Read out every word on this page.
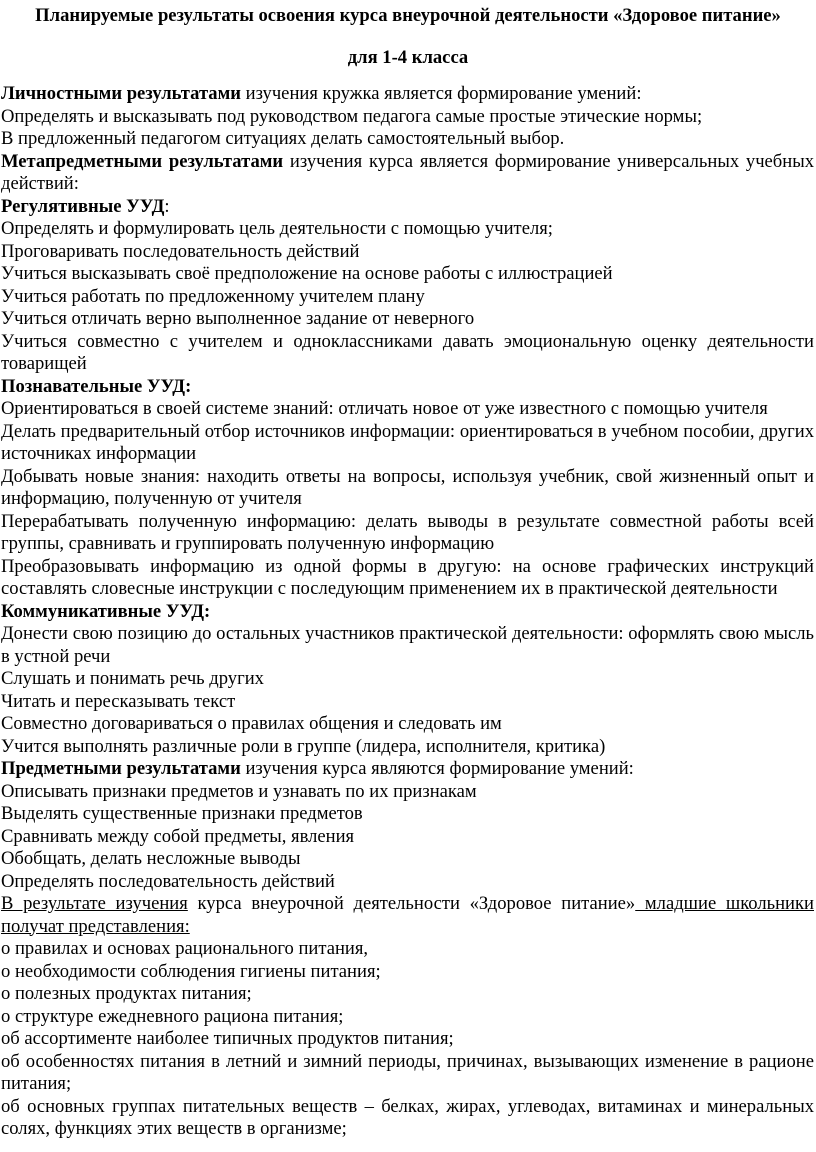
Планируемые результаты освоения курса внеурочной деятельности «Здоровое питание»
для 1-4 класса

Личностными результатами изучения кружка является формирование умений:

Определять и высказывать под руководством педагога самые простые этические нормы;

В предложенный педагогом ситуациях делать самостоятельный выбор.

Метапредметными результатами изучения курса является формирование универсальных учебных действий:

Регулятивные УУД:

Определять и формулировать цель деятельности с помощью учителя;

Проговаривать последовательность действий

Учиться высказывать своё предположение на основе работы с иллюстрацией

Учиться работать по предложенному учителем плану

Учиться отличать верно выполненное задание от неверного

Учиться совместно с учителем и одноклассниками давать эмоциональную оценку деятельности товарищей

Познавательные УУД:

Ориентироваться в своей системе знаний: отличать новое от уже известного с помощью учителя

Делать предварительный отбор источников информации: ориентироваться в учебном пособии, других источниках информации

Добывать новые знания: находить ответы на вопросы, используя учебник, свой жизненный опыт и информацию, полученную от учителя

Перерабатывать полученную информацию: делать выводы в результате совместной работы всей группы, сравнивать и группировать полученную информацию

Преобразовывать информацию из одной формы в другую: на основе графических инструкций составлять словесные инструкции с последующим применением их в практической деятельности

Коммуникативные УУД:

Донести свою позицию до остальных участников практической деятельности: оформлять свою мысль в устной речи

Слушать и понимать речь других

Читать и пересказывать текст

Совместно договариваться о правилах общения и следовать им

Учится выполнять различные роли в группе (лидера, исполнителя, критика)

Предметными результатами изучения курса являются формирование умений:

Описывать признаки предметов и узнавать по их признакам

Выделять существенные признаки предметов

Сравнивать между собой предметы, явления

Обобщать, делать несложные выводы

Определять последовательность действий

В результате изучения курса внеурочной деятельности «Здоровое питание» младшие школьники получат представления:

о правилах и основах рационального питания,

о необходимости соблюдения гигиены питания;

о полезных продуктах питания;

о структуре ежедневного рациона питания;

об ассортименте наиболее типичных продуктов питания;

об особенностях питания в летний и зимний периоды, причинах, вызывающих изменение в рационе питания;

об основных группах питательных веществ – белках, жирах, углеводах, витаминах и минеральных солях, функциях этих веществ в организме;
